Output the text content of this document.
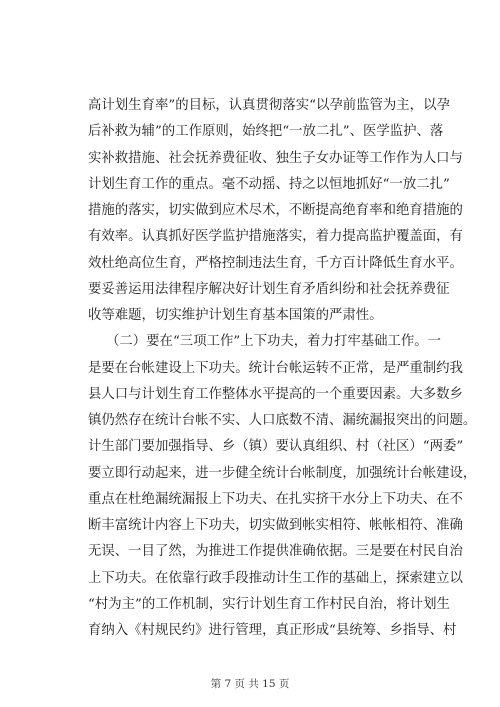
高计划生育率”的目标，认真贯彻落实“以孕前监管为主，以孕
后补救为辅”的工作原则，始终把“一放二扎”、医学监护、落
实补救措施、社会抚养费征收、独生子女办证等工作作为人口与
计划生育工作的重点。毫不动摇、持之以恒地抓好“一放二扎”
措施的落实，切实做到应术尽术，不断提高绝育率和绝育措施的
有效率。认真抓好医学监护措施落实，着力提高监护覆盖面，有
效杜绝高位生育，严格控制违法生育，千方百计降低生育水平。
要妥善运用法律程序解决好计划生育矛盾纠纷和社会抚养费征
收等难题，切实维护计划生育基本国策的严肃性。
（二）要在“三项工作”上下功夫，着力打牢基础工作。一
是要在台帐建设上下功夫。统计台帐运转不正常，是严重制约我
县人口与计划生育工作整体水平提高的一个重要因素。大多数乡
镇仍然存在统计台帐不实、人口底数不清、漏统漏报突出的问题。
计生部门要加强指导、乡（镇）要认真组织、村（社区）“两委”
要立即行动起来，进一步健全统计台帐制度，加强统计台帐建设，
重点在杜绝漏统漏报上下功夫、在扎实挤干水分上下功夫、在不
断丰富统计内容上下功夫，切实做到帐实相符、帐帐相符、准确
无误、一目了然，为推进工作提供准确依据。三是要在村民自治
上下功夫。在依靠行政手段推动计生工作的基础上，探索建立以
“村为主”的工作机制，实行计划生育工作村民自治，将计划生
育纳入《村规民约》进行管理，真正形成“县统筹、乡指导、村
第 7 页 共 15 页
